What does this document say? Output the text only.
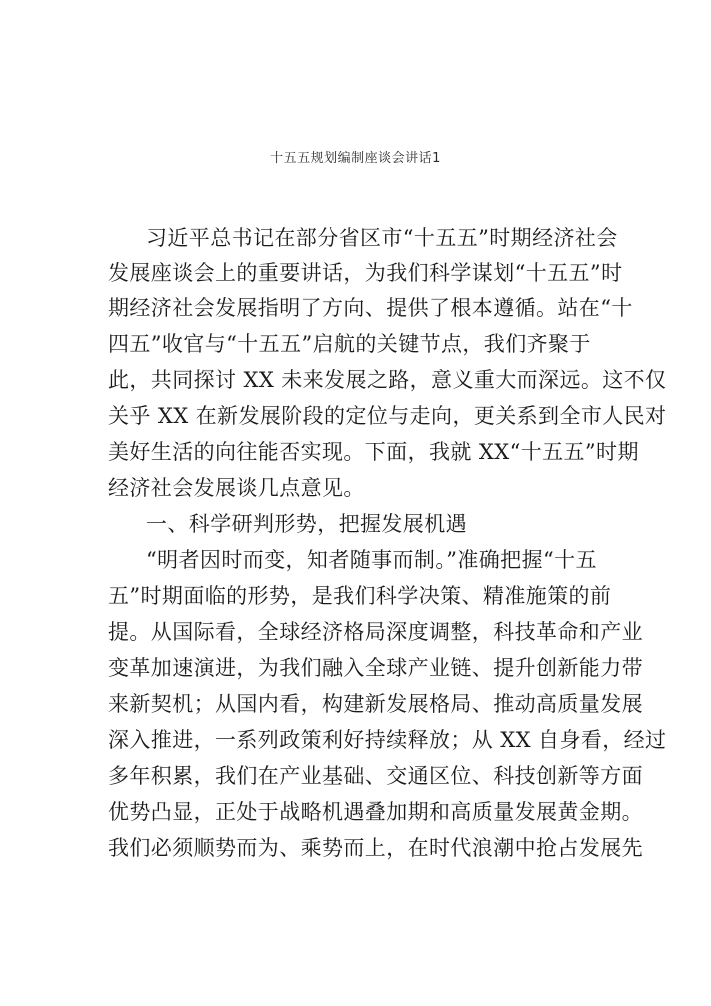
十五五规划编制座谈会讲话1
习近平总书记在部分省区市“十五五”时期经济社会
发展座谈会上的重要讲话，为我们科学谋划“十五五”时
期经济社会发展指明了方向、提供了根本遵循。站在“十
四五”收官与“十五五”启航的关键节点，我们齐聚于
此，共同探讨 XX 未来发展之路，意义重大而深远。这不仅
关乎 XX 在新发展阶段的定位与走向，更关系到全市人民对
美好生活的向往能否实现。下面，我就 XX“十五五”时期
经济社会发展谈几点意见。
一、科学研判形势，把握发展机遇
“明者因时而变，知者随事而制。”准确把握“十五
五”时期面临的形势，是我们科学决策、精准施策的前
提。从国际看，全球经济格局深度调整，科技革命和产业
变革加速演进，为我们融入全球产业链、提升创新能力带
来新契机；从国内看，构建新发展格局、推动高质量发展
深入推进，一系列政策利好持续释放；从 XX 自身看，经过
多年积累，我们在产业基础、交通区位、科技创新等方面
优势凸显，正处于战略机遇叠加期和高质量发展黄金期。
我们必须顺势而为、乘势而上，在时代浪潮中抢占发展先
